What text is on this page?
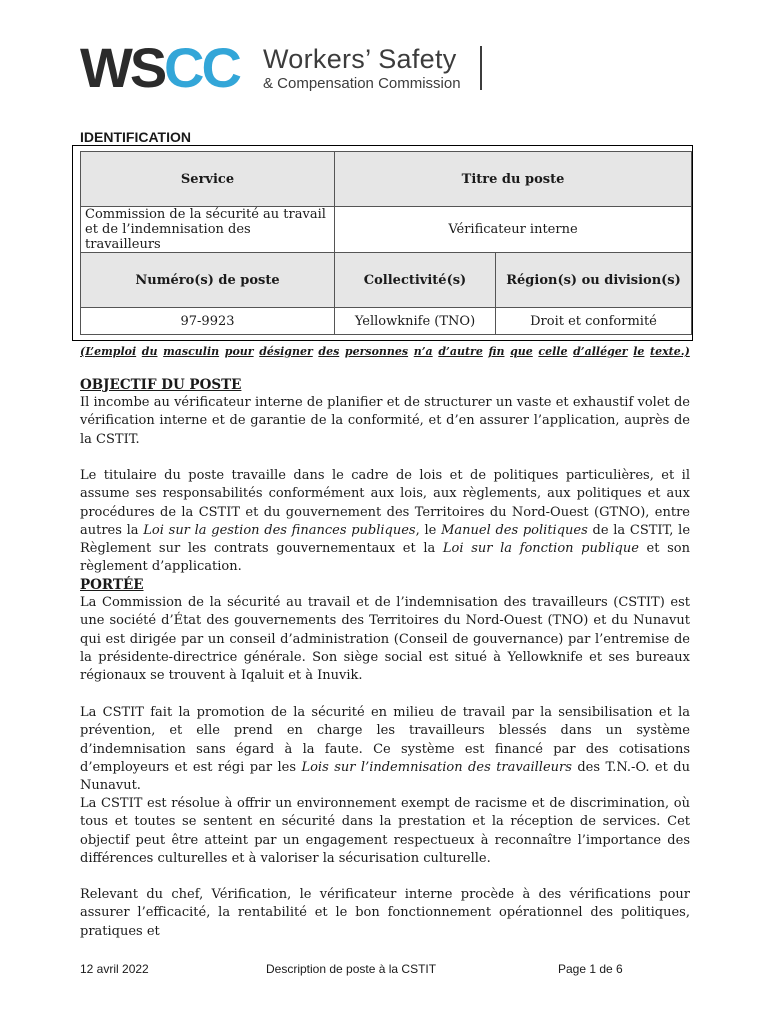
WS CC Workers’ Safety
& Compensation Commission
IDENTIFICATION
Service	Titre du poste	
Commission de la sécurité au travail et de l’indemnisation des travailleurs	Vérificateur interne	
Numéro(s) de poste	Collectivité(s)	Région(s) ou division(s)
97-9923	Yellowknife (TNO)	Droit et conformité
(L’emploi du masculin pour désigner des personnes n’a d’autre fin que celle d’alléger le texte.)
OBJECTIF DU POSTE

Il incombe au vérificateur interne de planifier et de structurer un vaste et exhaustif volet de vérification interne et de garantie de la conformité, et d’en assurer l’application, auprès de la CSTIT.

Le titulaire du poste travaille dans le cadre de lois et de politiques particulières, et il assume ses responsabilités conformément aux lois, aux règlements, aux politiques et aux procédures de la CSTIT et du gouvernement des Territoires du Nord-Ouest (GTNO), entre autres la Loi sur la gestion des finances publiques, le Manuel des politiques de la CSTIT, le Règlement sur les contrats gouvernementaux et la Loi sur la fonction publique et son règlement d’application.

PORTÉE

La Commission de la sécurité au travail et de l’indemnisation des travailleurs (CSTIT) est une société d’État des gouvernements des Territoires du Nord-Ouest (TNO) et du Nunavut qui est dirigée par un conseil d’administration (Conseil de gouvernance) par l’entremise de la présidente-directrice générale. Son siège social est situé à Yellowknife et ses bureaux régionaux se trouvent à Iqaluit et à Inuvik.

La CSTIT fait la promotion de la sécurité en milieu de travail par la sensibilisation et la prévention, et elle prend en charge les travailleurs blessés dans un système d’indemnisation sans égard à la faute. Ce système est financé par des cotisations d’employeurs et est régi par les Lois sur l’indemnisation des travailleurs des T.N.-O. et du Nunavut.

La CSTIT est résolue à offrir un environnement exempt de racisme et de discrimination, où tous et toutes se sentent en sécurité dans la prestation et la réception de services. Cet objectif peut être atteint par un engagement respectueux à reconnaître l’importance des différences culturelles et à valoriser la sécurisation culturelle.

Relevant du chef, Vérification, le vérificateur interne procède à des vérifications pour assurer l’efficacité, la rentabilité et le bon fonctionnement opérationnel des politiques, pratiques et

12 avril 2022	Description de poste à la CSTIT	Page 1 de 6
